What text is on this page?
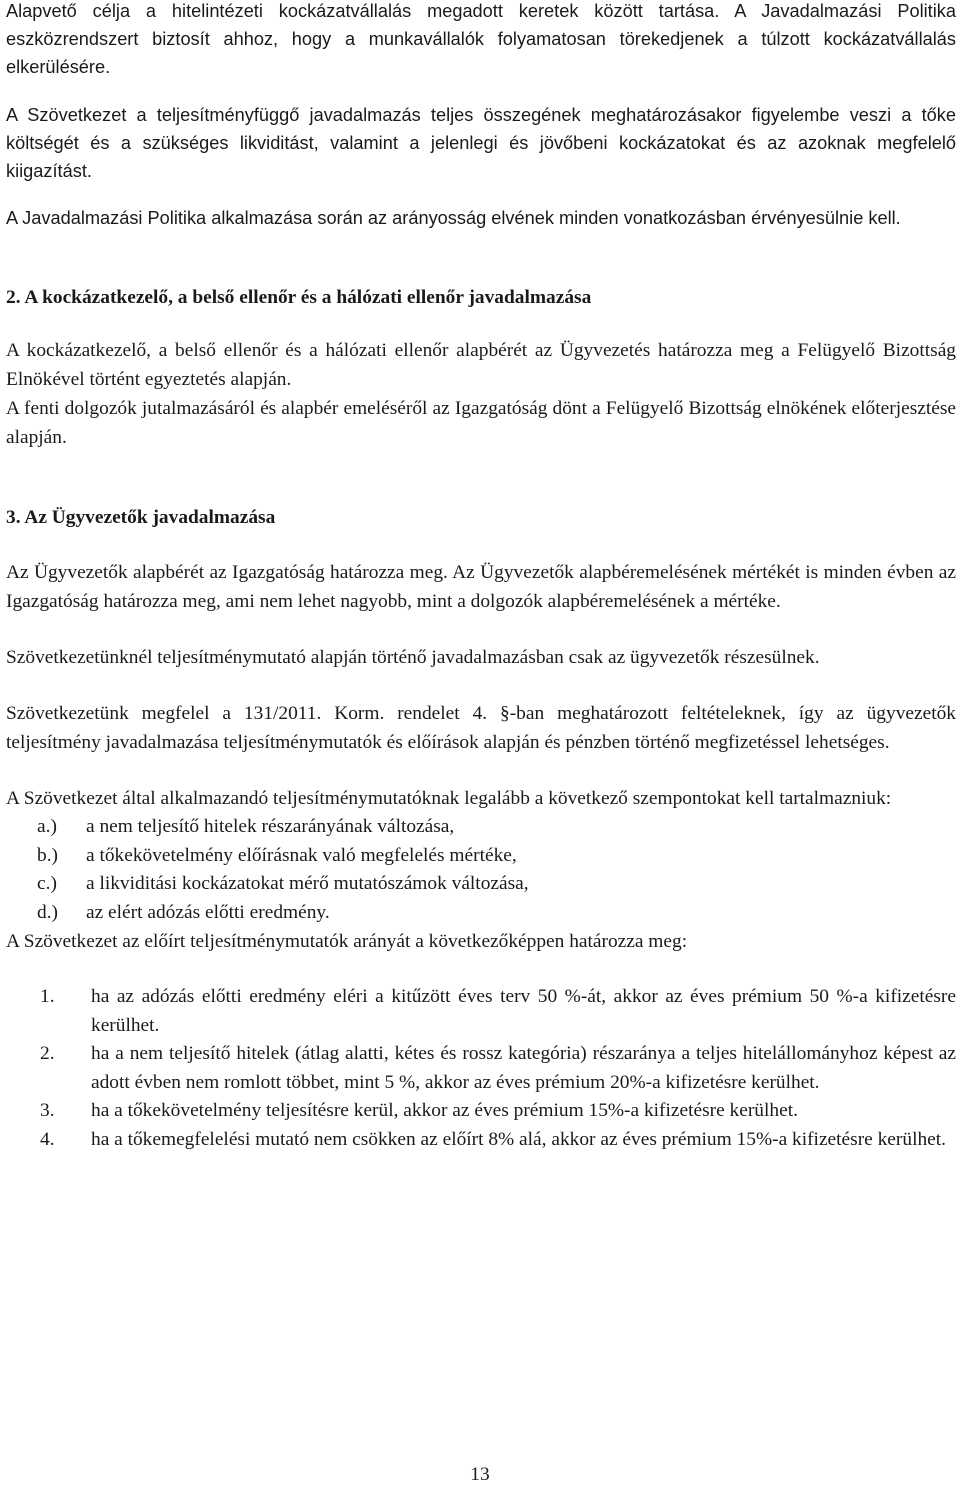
Alapvető célja a hitelintézeti kockázatvállalás megadott keretek között tartása. A Javadalmazási Politika eszközrendszert biztosít ahhoz, hogy a munkavállalók folyamatosan törekedjenek a túlzott kockázatvállalás elkerülésére.

A Szövetkezet a teljesítményfüggő javadalmazás teljes összegének meghatározásakor figyelembe veszi a tőke költségét és a szükséges likviditást, valamint a jelenlegi és jövőbeni kockázatokat és az azoknak megfelelő kiigazítást.

A Javadalmazási Politika alkalmazása során az arányosság elvének minden vonatkozásban érvényesülnie kell.

2. A kockázatkezelő, a belső ellenőr és a hálózati ellenőr javadalmazása

A kockázatkezelő, a belső ellenőr és a hálózati ellenőr alapbérét az Ügyvezetés határozza meg a Felügyelő Bizottság Elnökével történt egyeztetés alapján.

A fenti dolgozók jutalmazásáról és alapbér emeléséről az Igazgatóság dönt a Felügyelő Bizottság elnökének előterjesztése alapján.

3. Az Ügyvezetők javadalmazása

Az Ügyvezetők alapbérét az Igazgatóság határozza meg. Az Ügyvezetők alapbéremelésének mértékét is minden évben az Igazgatóság határozza meg, ami nem lehet nagyobb, mint a dolgozók alapbéremelésének a mértéke.

Szövetkezetünknél teljesítménymutató alapján történő javadalmazásban csak az ügyvezetők részesülnek.

Szövetkezetünk megfelel a 131/2011. Korm. rendelet 4. §-ban meghatározott feltételeknek, így az ügyvezetők teljesítmény javadalmazása teljesítménymutatók és előírások alapján és pénzben történő megfizetéssel lehetséges.

A Szövetkezet által alkalmazandó teljesítménymutatóknak legalább a következő szempontokat kell tartalmazniuk:

a.)	a nem teljesítő hitelek részarányának változása,
b.)	a tőkekövetelmény előírásnak való megfelelés mértéke,
c.)	a likviditási kockázatokat mérő mutatószámok változása,
d.)	az elért adózás előtti eredmény.

A Szövetkezet az előírt teljesítménymutatók arányát a következőképpen határozza meg:

1.	ha az adózás előtti eredmény eléri a kitűzött éves terv 50 %-át, akkor az éves prémium 50 %-a kifizetésre kerülhet.
2.	ha a nem teljesítő hitelek (átlag alatti, kétes és rossz kategória) részaránya a teljes hitelállományhoz képest az adott évben nem romlott többet, mint 5 %, akkor az éves prémium 20%-a kifizetésre kerülhet.
3.	ha a tőkekövetelmény teljesítésre kerül, akkor az éves prémium 15%-a kifizetésre kerülhet.
4.	ha a tőkemegfelelési mutató nem csökken az előírt 8% alá, akkor az éves prémium 15%-a kifizetésre kerülhet.
13
